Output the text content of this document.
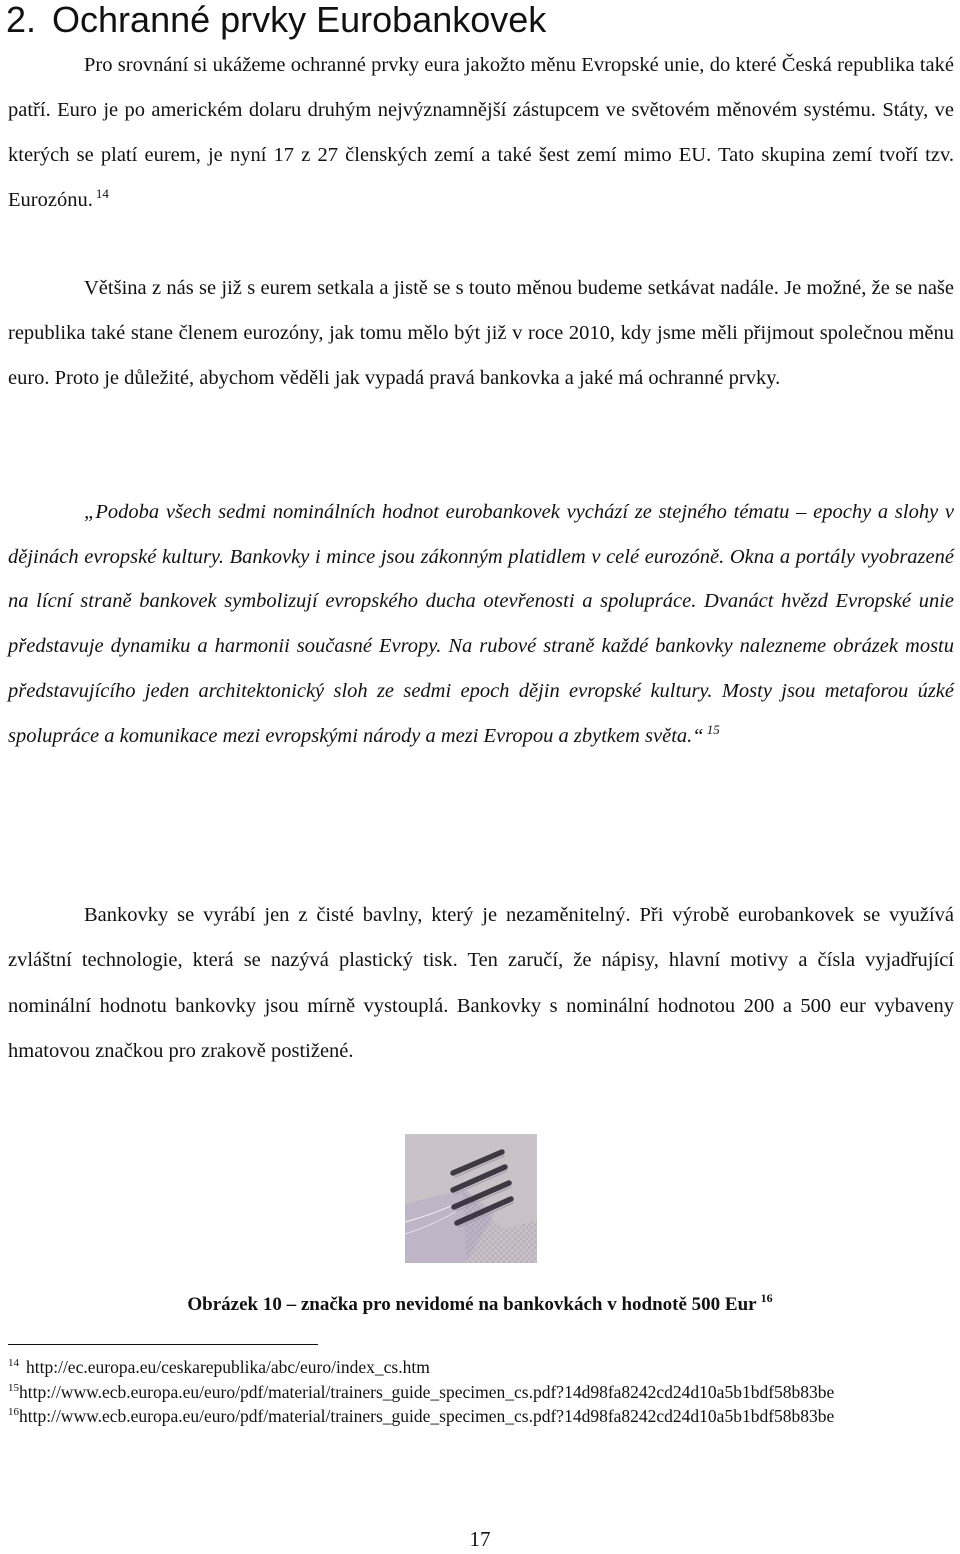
2. Ochranné prvky Eurobankovek

Pro srovnání si ukážeme ochranné prvky eura jakožto měnu Evropské unie, do které Česká republika také patří. Euro je po americkém dolaru druhým nejvýznamnější zástupcem ve světovém měnovém systému. Státy, ve kterých se platí eurem, je nyní 17 z 27 členských zemí a také šest zemí mimo EU. Tato skupina zemí tvoří tzv. Eurozónu. $^{14}$

Většina z nás se již s eurem setkala a jistě se s touto měnou budeme setkávat nadále. Je možné, že se naše republika také stane členem eurozóny, jak tomu mělo být již v roce 2010, kdy jsme měli přijmout společnou měnu euro. Proto je důležité, abychom věděli jak vypadá pravá bankovka a jaké má ochranné prvky.

„Podoba všech sedmi nominálních hodnot eurobankovek vychází ze stejného tématu – epochy a slohy v dějinách evropské kultury. Bankovky i mince jsou zákonným platidlem v celé eurozóně. Okna a portály vyobrazené na lícní straně bankovek symbolizují evropského ducha otevřenosti a spolupráce. Dvanáct hvězd Evropské unie představuje dynamiku a harmonii současné Evropy. Na rubové straně každé bankovky nalezneme obrázek mostu představujícího jeden architektonický sloh ze sedmi epoch dějin evropské kultury. Mosty jsou metaforou úzké spolupráce a komunikace mezi evropskými národy a mezi Evropou a zbytkem světa.“ $^{15}$

Bankovky se vyrábí jen z čisté bavlny, který je nezaměnitelný. Při výrobě eurobankovek se využívá zvláštní technologie, která se nazývá plastický tisk. Ten zaručí, že nápisy, hlavní motivy a čísla vyjadřující nominální hodnotu bankovky jsou mírně vystouplá. Bankovky s nominální hodnotou 200 a 500 eur vybaveny hmatovou značkou pro zrakově postižené.

Obrázek 10 – značka pro nevidomé na bankovkách v hodnotě 500 Eur $^{16}$

$^{14}$ http://ec.europa.eu/ceskarepublika/abc/euro/index_cs.htm

$^{15}$http://www.ecb.europa.eu/euro/pdf/material/trainers_guide_specimen_cs.pdf?14d98fa8242cd24d10a5b1bdf58b83be

$^{16}$http://www.ecb.europa.eu/euro/pdf/material/trainers_guide_specimen_cs.pdf?14d98fa8242cd24d10a5b1bdf58b83be

17
